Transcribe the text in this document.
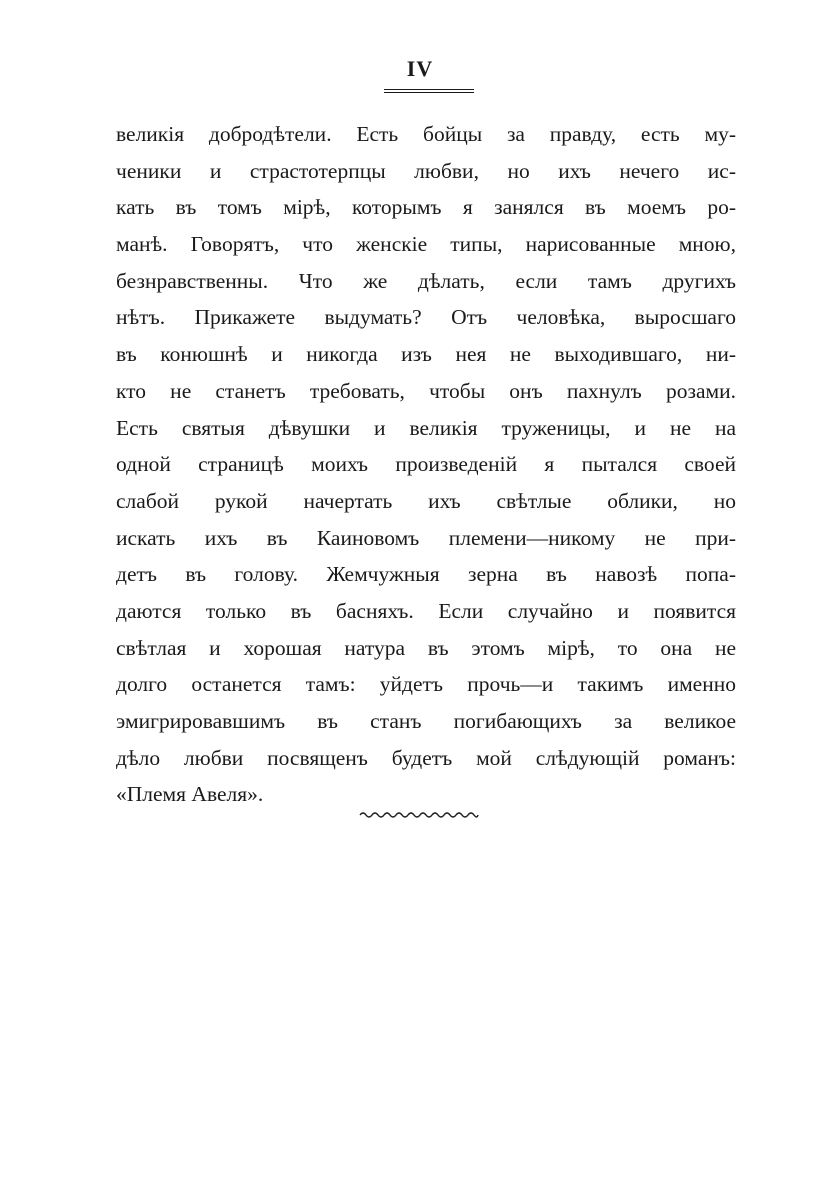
IV
великія добродѣтели. Есть бойцы за правду, есть му-
ченики и страстотерпцы любви, но ихъ нечего ис-
кать въ томъ мірѣ, которымъ я занялся въ моемъ ро-
манѣ. Говорятъ, что женскіе типы, нарисованные мною,
безнравственны. Что же дѣлать, если тамъ другихъ
нѣтъ. Прикажете выдумать? Отъ человѣка, выросшаго
въ конюшнѣ и никогда изъ нея не выходившаго, ни-
кто не станетъ требовать, чтобы онъ пахнулъ розами.
Есть святыя дѣвушки и великія труженицы, и не на
одной страницѣ моихъ произведеній я пытался своей
слабой рукой начертать ихъ свѣтлые облики, но
искать ихъ въ Каиновомъ племени—никому не при-
детъ въ голову. Жемчужныя зерна въ навозѣ попа-
даются только въ басняхъ. Если случайно и появится
свѣтлая и хорошая натура въ этомъ мірѣ, то она не
долго останется тамъ: уйдетъ прочь—и такимъ именно
эмигрировавшимъ въ станъ погибающихъ за великое
дѣло любви посвященъ будетъ мой слѣдующій романъ:
«Племя Авеля».
